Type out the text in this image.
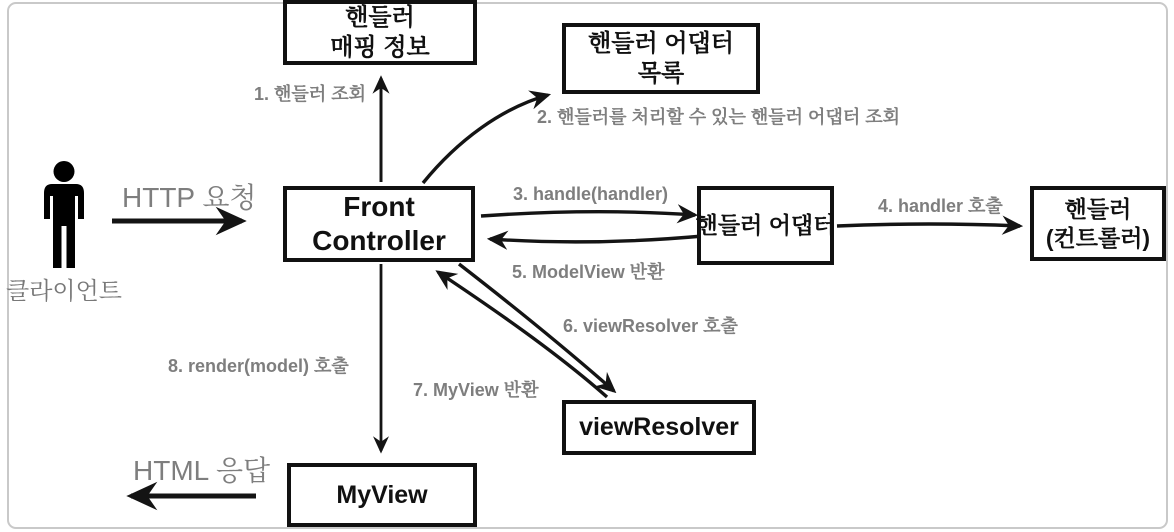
클라이언트
핸들러
매핑 정보	핸들러 어댑터
목록
Front
Controller	핸들러 어댑터
핸들러
(컨트롤러)
viewResolver
MyView
HTTP 요청
HTML 응답
1. 핸들러 조회
2. 핸들러를 처리할 수 있는 핸들러 어댑터 조회
3. handle(handler)
4. handler 호출
5. ModelView 반환
6. viewResolver 호출
7. MyView 반환
8. render(model) 호출
